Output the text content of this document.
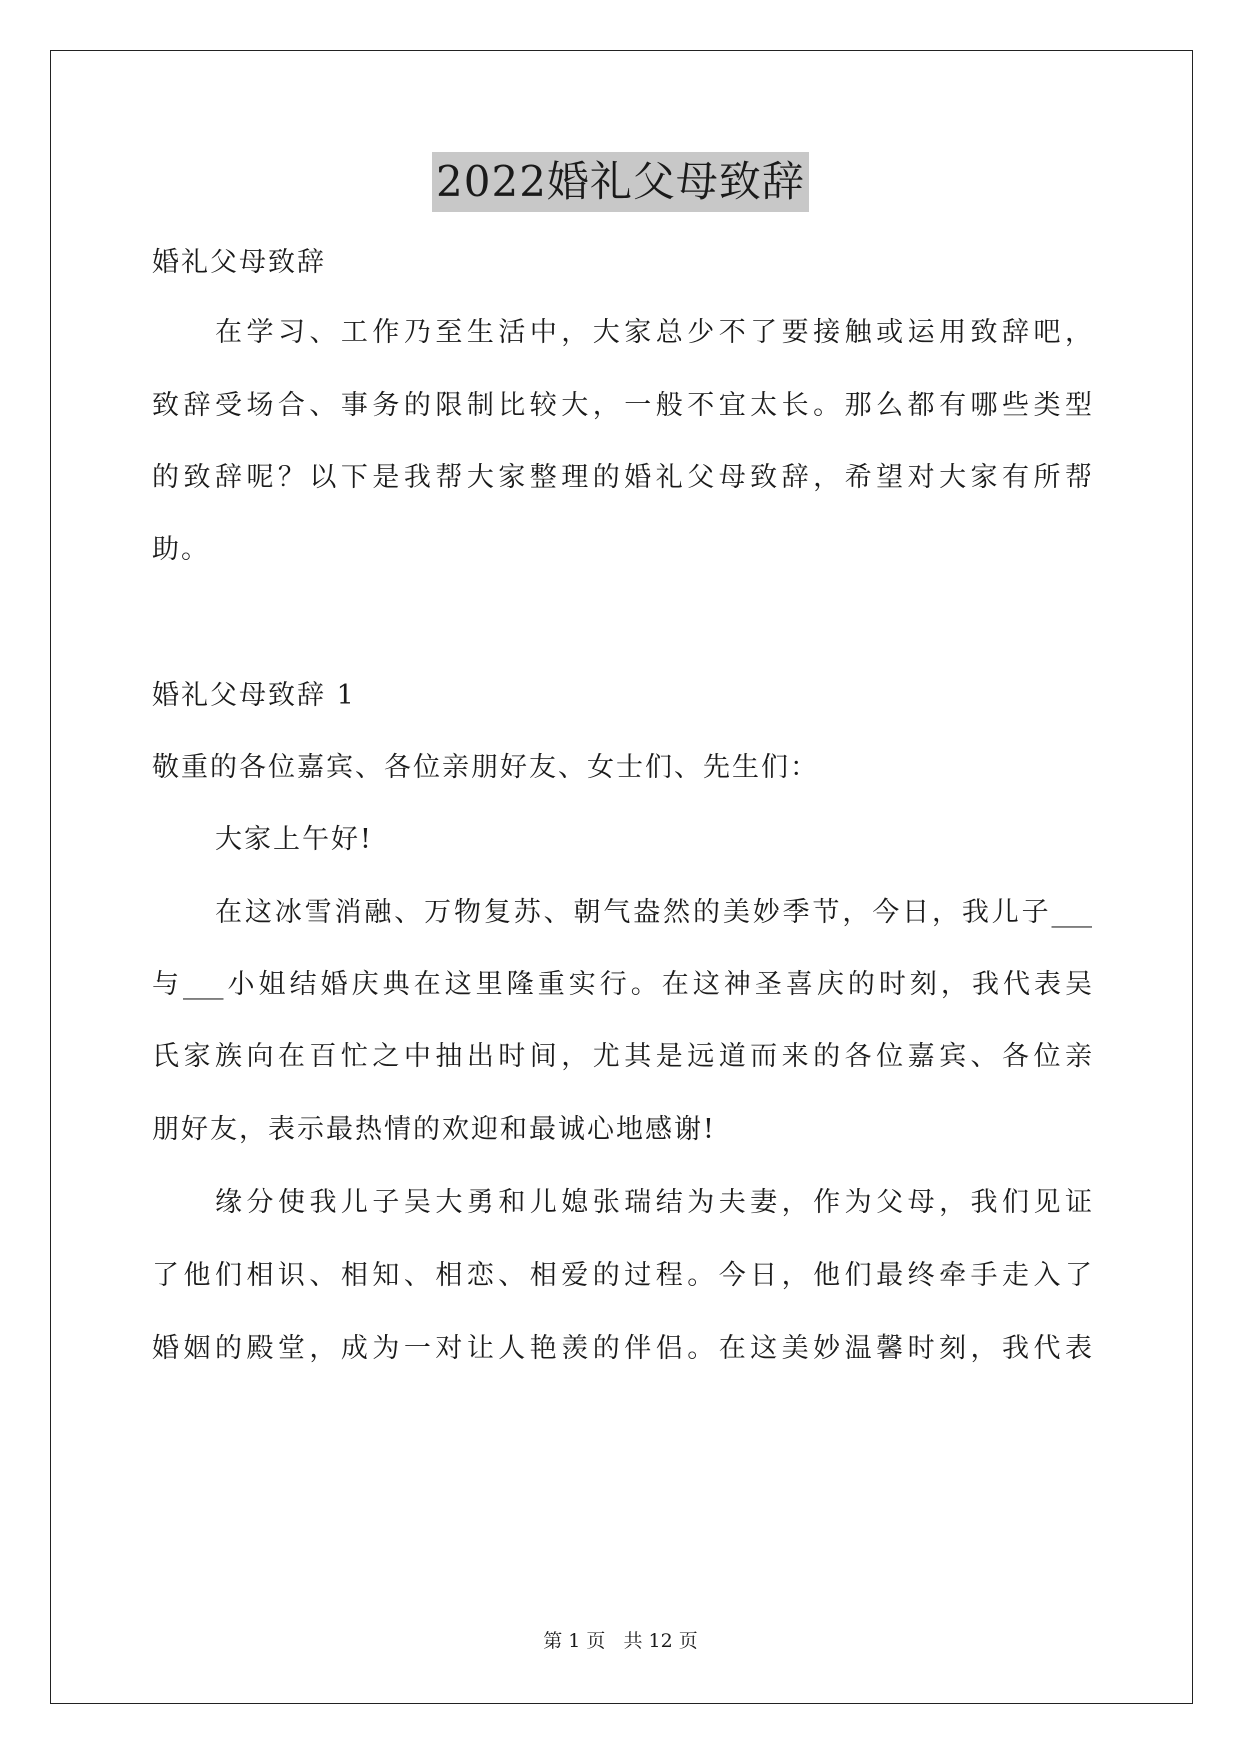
2022婚礼父母致辞
婚礼父母致辞
在学习、工作乃至生活中，大家总少不了要接触或运用致辞吧，
致辞受场合、事务的限制比较大，一般不宜太长。那么都有哪些类型
的致辞呢？以下是我帮大家整理的婚礼父母致辞，希望对大家有所帮
助。
婚礼父母致辞 1
敬重的各位嘉宾、各位亲朋好友、女士们、先生们：
大家上午好!
在这冰雪消融、万物复苏、朝气盎然的美妙季节，今日，我儿子___
与___小姐结婚庆典在这里隆重实行。在这神圣喜庆的时刻，我代表吴
氏家族向在百忙之中抽出时间，尤其是远道而来的各位嘉宾、各位亲
朋好友，表示最热情的欢迎和最诚心地感谢!
缘分使我儿子吴大勇和儿媳张瑞结为夫妻，作为父母，我们见证
了他们相识、相知、相恋、相爱的过程。今日，他们最终牵手走入了
婚姻的殿堂，成为一对让人艳羡的伴侣。在这美妙温馨时刻，我代表
第 1 页 共 12 页
